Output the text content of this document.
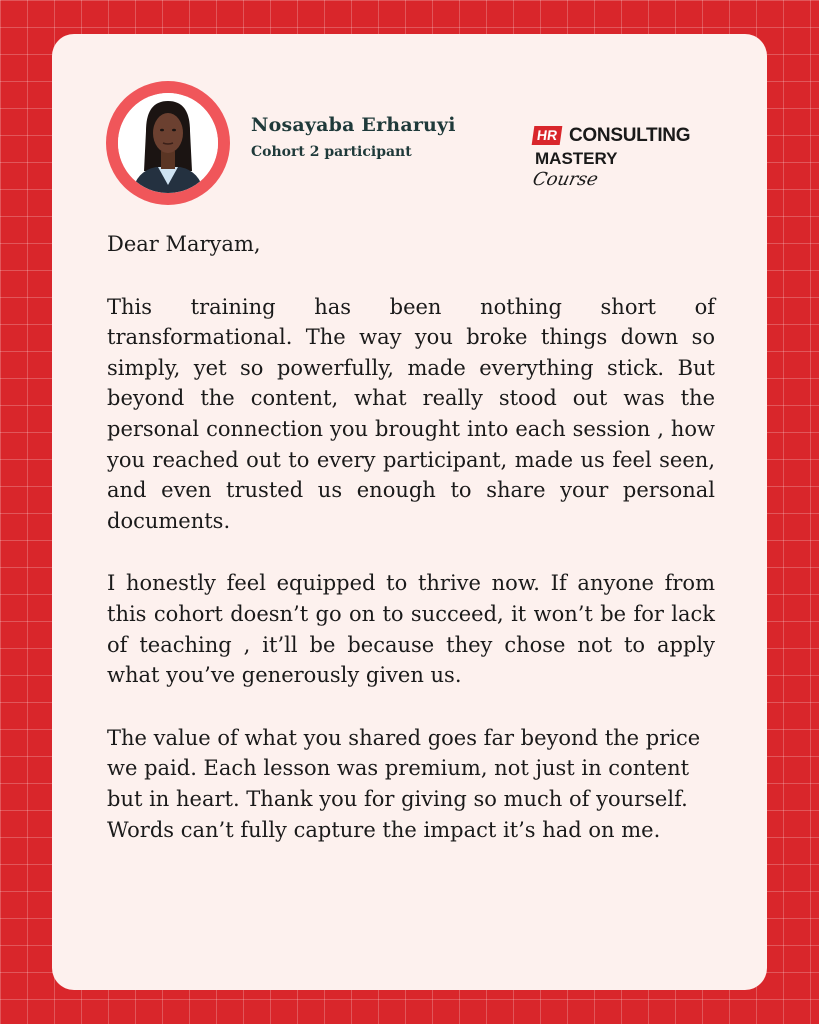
Nosayaba Erharuyi
Cohort 2 participant
HR CONSULTING
MASTERY
Course

Dear Maryam,

This training has been nothing short of transformational. The way you broke things down so simply, yet so powerfully, made everything stick. But beyond the content, what really stood out was the personal connection you brought into each session , how you reached out to every participant, made us feel seen, and even trusted us enough to share your personal documents.

I honestly feel equipped to thrive now. If anyone from this cohort doesn’t go on to succeed, it won’t be for lack of teaching , it’ll be because they chose not to apply what you’ve generously given us.

The value of what you shared goes far beyond the price we paid. Each lesson was premium, not just in content but in heart. Thank you for giving so much of yourself. Words can’t fully capture the impact it’s had on me.
